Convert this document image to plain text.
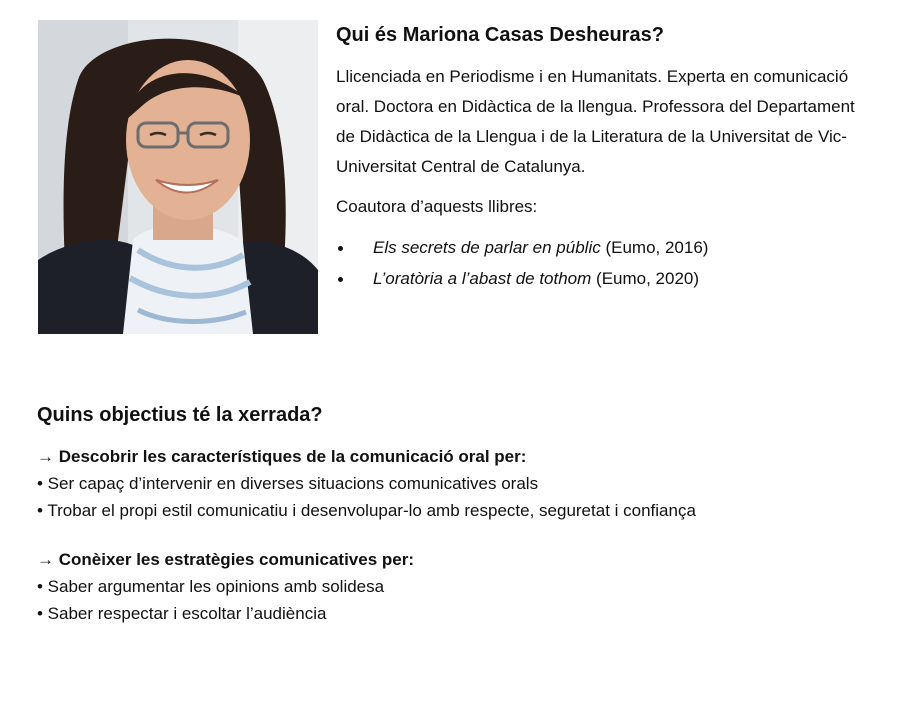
Qui és Mariona Casas Desheuras?

Llicenciada en Periodisme i en Humanitats. Experta en comunicació oral. Doctora en Didàctica de la llengua. Professora del Departament de Didàctica de la Llengua i de la Literatura de la Universitat de Vic-Universitat Central de Catalunya.

Coautora d’aquests llibres:

Els secrets de parlar en públic (Eumo, 2016)
L’oratòria a l’abast de tothom (Eumo, 2020)
Quins objectius té la xerrada?
→ Descobrir les característiques de la comunicació oral per:
• Ser capaç d’intervenir en diverses situacions comunicatives orals
• Trobar el propi estil comunicatiu i desenvolupar-lo amb respecte, seguretat i confiança
→ Conèixer les estratègies comunicatives per:
• Saber argumentar les opinions amb solidesa
• Saber respectar i escoltar l’audiència
